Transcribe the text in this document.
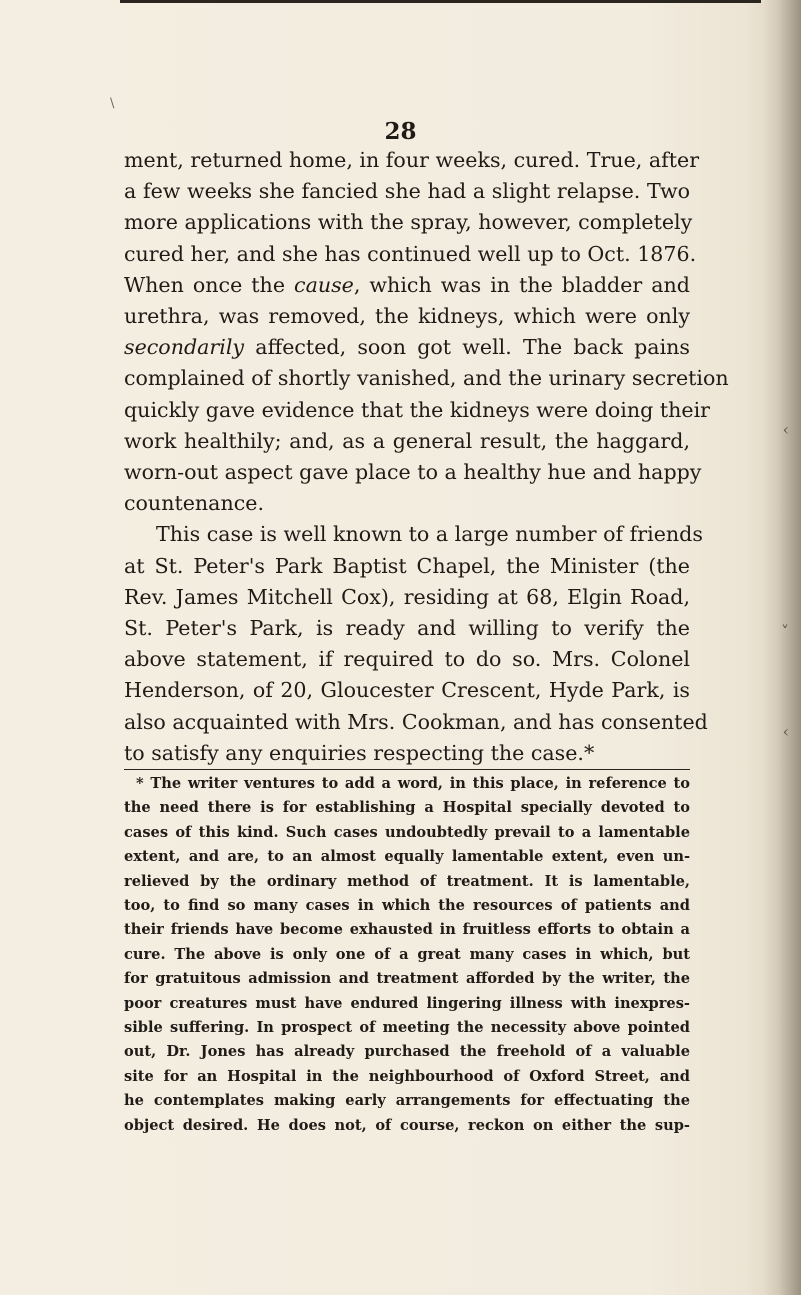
‹
˅
‹
\
28
ment, returned home, in four weeks, cured. True, after
a few weeks she fancied she had a slight relapse. Two
more applications with the spray, however, completely
cured her, and she has continued well up to Oct. 1876.
When once the cause, which was in the bladder and
urethra, was removed, the kidneys, which were only
secondarily affected, soon got well. The back pains
complained of shortly vanished, and the urinary secretion
quickly gave evidence that the kidneys were doing their
work healthily; and, as a general result, the haggard,
worn-out aspect gave place to a healthy hue and happy
countenance.
This case is well known to a large number of friends
at St. Peter's Park Baptist Chapel, the Minister (the
Rev. James Mitchell Cox), residing at 68, Elgin Road,
St. Peter's Park, is ready and willing to verify the
above statement, if required to do so. Mrs. Colonel
Henderson, of 20, Gloucester Crescent, Hyde Park, is
also acquainted with Mrs. Cookman, and has consented
to satisfy any enquiries respecting the case.*
* The writer ventures to add a word, in this place, in reference to
the need there is for establishing a Hospital specially devoted to
cases of this kind. Such cases undoubtedly prevail to a lamentable
extent, and are, to an almost equally lamentable extent, even un-
relieved by the ordinary method of treatment. It is lamentable,
too, to find so many cases in which the resources of patients and
their friends have become exhausted in fruitless efforts to obtain a
cure. The above is only one of a great many cases in which, but
for gratuitous admission and treatment afforded by the writer, the
poor creatures must have endured lingering illness with inexpres-
sible suffering. In prospect of meeting the necessity above pointed
out, Dr. Jones has already purchased the freehold of a valuable
site for an Hospital in the neighbourhood of Oxford Street, and
he contemplates making early arrangements for effectuating the
object desired. He does not, of course, reckon on either the sup-
